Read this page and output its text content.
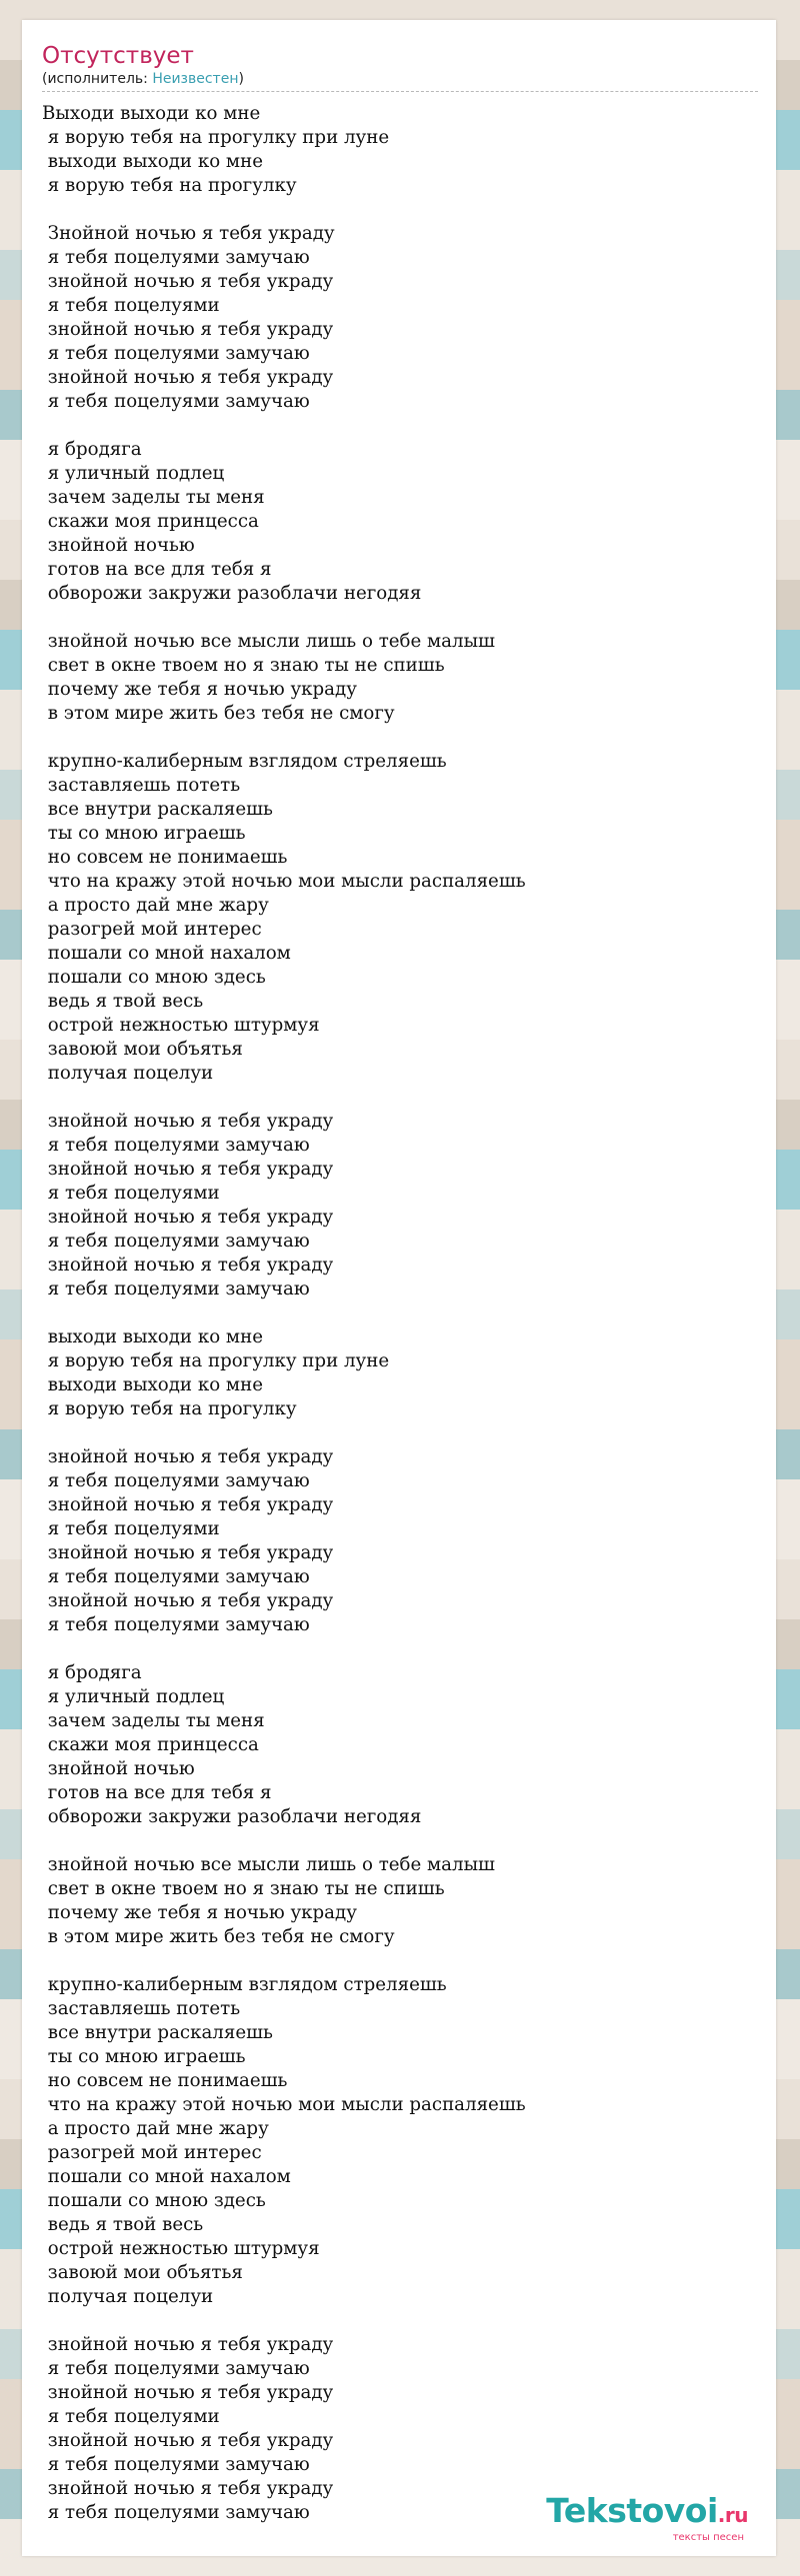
Отсутствует
(исполнитель: Неизвестен)
Выходи выходи ко мне
я ворую тебя на прогулку при луне
выходи выходи ко мне
я ворую тебя на прогулку

Знойной ночью я тебя украду
я тебя поцелуями замучаю
знойной ночью я тебя украду
я тебя поцелуями
знойной ночью я тебя украду
я тебя поцелуями замучаю
знойной ночью я тебя украду
я тебя поцелуями замучаю

я бродяга
я уличный подлец
зачем заделы ты меня
скажи моя принцесса
знойной ночью
готов на все для тебя я
обворожи закружи разоблачи негодяя

знойной ночью все мысли лишь о тебе малыш
свет в окне твоем но я знаю ты не спишь
почему же тебя я ночью украду
в этом мире жить без тебя не смогу

крупно-калиберным взглядом стреляешь
заставляешь потеть
все внутри раскаляешь
ты со мною играешь
но совсем не понимаешь
что на кражу этой ночью мои мысли распаляешь
а просто дай мне жару
разогрей мой интерес
пошали со мной нахалом
пошали со мною здесь
ведь я твой весь
острой нежностью штурмуя
завоюй мои объятья
получая поцелуи

знойной ночью я тебя украду
я тебя поцелуями замучаю
знойной ночью я тебя украду
я тебя поцелуями
знойной ночью я тебя украду
я тебя поцелуями замучаю
знойной ночью я тебя украду
я тебя поцелуями замучаю

выходи выходи ко мне
я ворую тебя на прогулку при луне
выходи выходи ко мне
я ворую тебя на прогулку

знойной ночью я тебя украду
я тебя поцелуями замучаю
знойной ночью я тебя украду
я тебя поцелуями
знойной ночью я тебя украду
я тебя поцелуями замучаю
знойной ночью я тебя украду
я тебя поцелуями замучаю

я бродяга
я уличный подлец
зачем заделы ты меня
скажи моя принцесса
знойной ночью
готов на все для тебя я
обворожи закружи разоблачи негодяя

знойной ночью все мысли лишь о тебе малыш
свет в окне твоем но я знаю ты не спишь
почему же тебя я ночью украду
в этом мире жить без тебя не смогу

крупно-калиберным взглядом стреляешь
заставляешь потеть
все внутри раскаляешь
ты со мною играешь
но совсем не понимаешь
что на кражу этой ночью мои мысли распаляешь
а просто дай мне жару
разогрей мой интерес
пошали со мной нахалом
пошали со мною здесь
ведь я твой весь
острой нежностью штурмуя
завоюй мои объятья
получая поцелуи

знойной ночью я тебя украду
я тебя поцелуями замучаю
знойной ночью я тебя украду
я тебя поцелуями
знойной ночью я тебя украду
я тебя поцелуями замучаю
знойной ночью я тебя украду
я тебя поцелуями замучаю	Tekstovoi.ru
тексты песен
